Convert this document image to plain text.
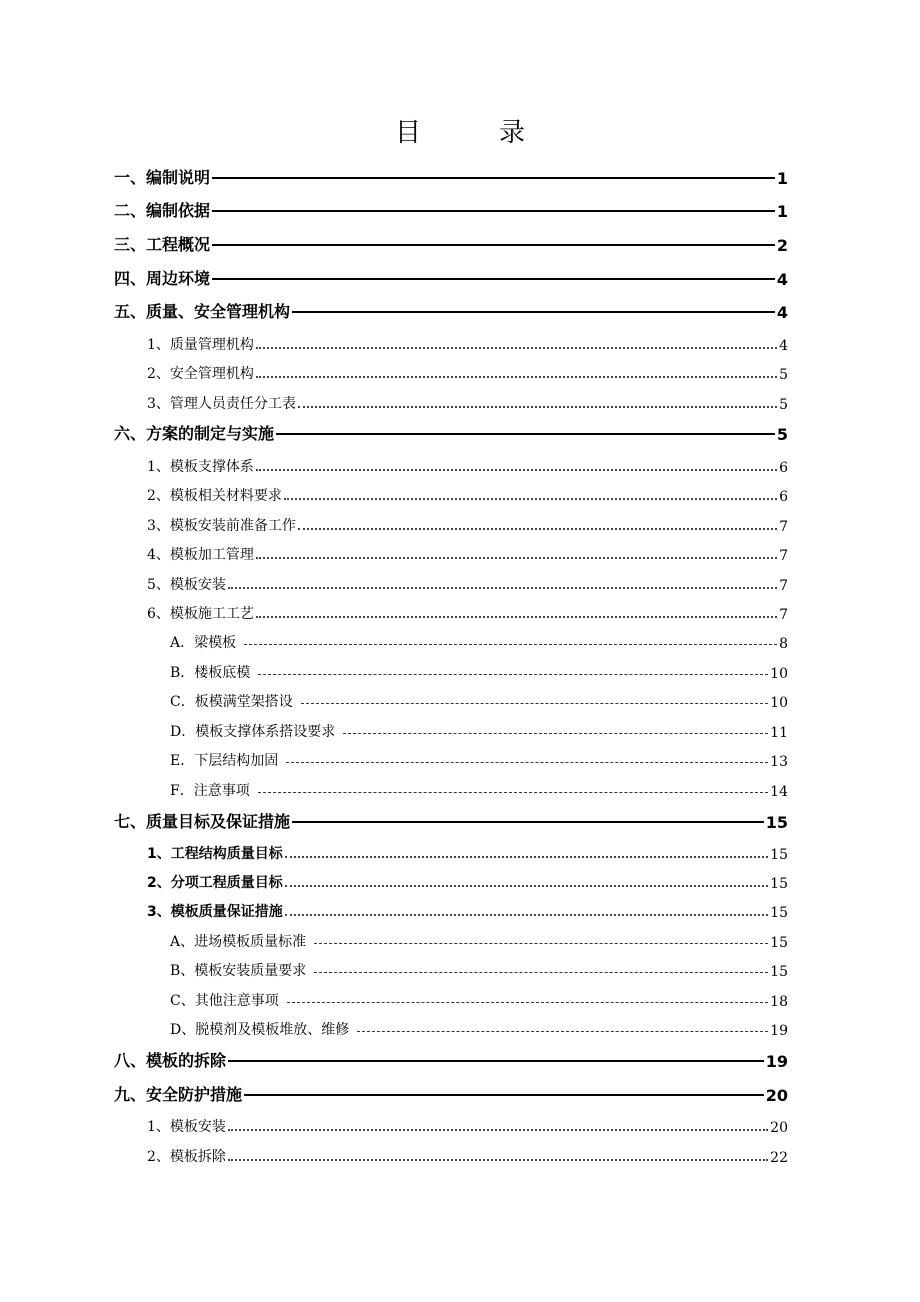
目　录
一、编制说明	1
二、编制依据	1
三、工程概况	2
四、周边环境	4
五、质量、安全管理机构	4
1、质量管理机构	4
2、安全管理机构	5
3、管理人员责任分工表	5
六、方案的制定与实施	5
1、模板支撑体系	6
2、模板相关材料要求	6
3、模板安装前准备工作	7
4、模板加工管理	7
5、模板安装	7
6、模板施工工艺	7
A．梁模板	8
B．楼板底模	10
C．板模满堂架搭设	10
D．模板支撑体系搭设要求	11
E．下层结构加固	13
F．注意事项	14
七、质量目标及保证措施	15
1、工程结构质量目标	15
2、分项工程质量目标	15
3、模板质量保证措施	15
A、进场模板质量标准	15
B、模板安装质量要求	15
C、其他注意事项	18
D、脱模剂及模板堆放、维修	19
八、模板的拆除	19
九、安全防护措施	20
1、模板安装	20
2、模板拆除	22
